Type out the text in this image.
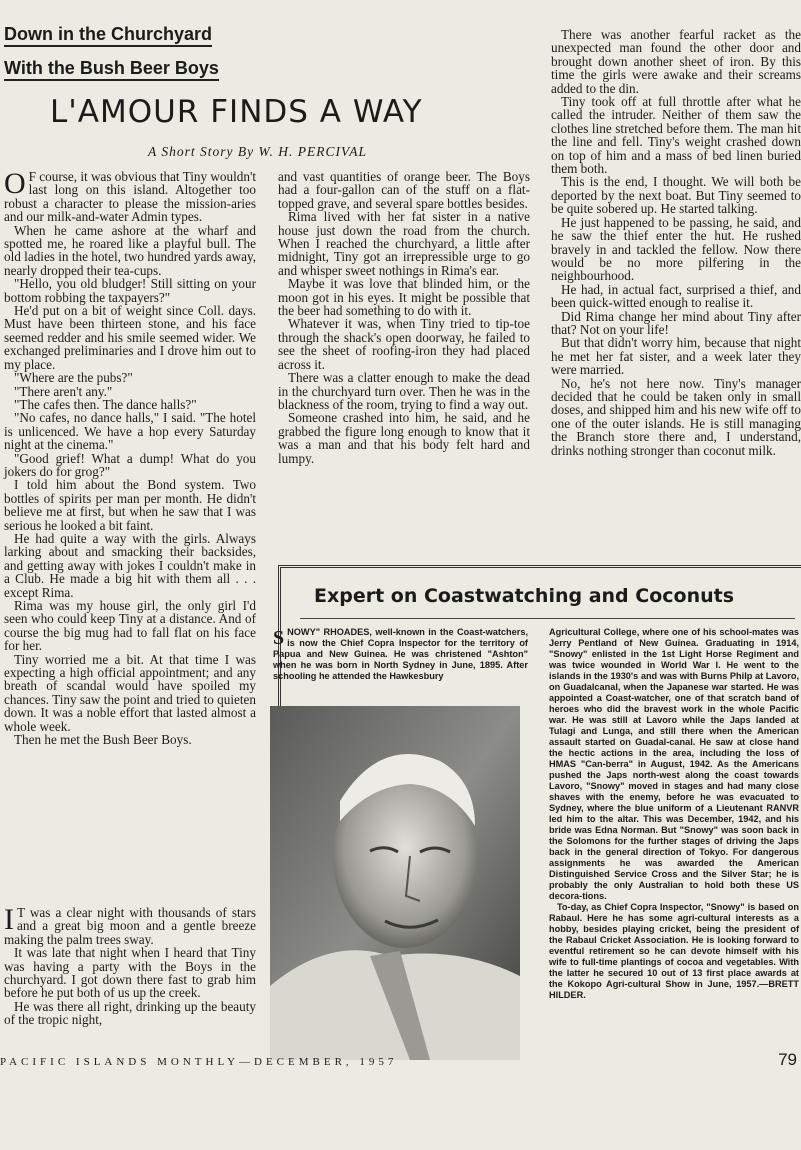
Down in the Churchyard
With the Bush Beer Boys
L'AMOUR FINDS A WAY
A Short Story By W. H. PERCIVAL
O F course, it was obvious that Tiny wouldn't last long on this island. Altogether too robust a character to please the mission-aries and our milk-and-water Admin types.

When he came ashore at the wharf and spotted me, he roared like a playful bull. The old ladies in the hotel, two hundred yards away, nearly dropped their tea-cups.

"Hello, you old bludger! Still sitting on your bottom robbing the taxpayers?"

He'd put on a bit of weight since Coll. days. Must have been thirteen stone, and his face seemed redder and his smile seemed wider. We exchanged preliminaries and I drove him out to my place.

"Where are the pubs?"

"There aren't any."

"The cafes then. The dance halls?"

"No cafes, no dance halls," I said. "The hotel is unlicenced. We have a hop every Saturday night at the cinema."

"Good grief! What a dump! What do you jokers do for grog?"

I told him about the Bond system. Two bottles of spirits per man per month. He didn't believe me at first, but when he saw that I was serious he looked a bit faint.

He had quite a way with the girls. Always larking about and smacking their backsides, and getting away with jokes I couldn't make in a Club. He made a big hit with them all . . . except Rima.

Rima was my house girl, the only girl I'd seen who could keep Tiny at a distance. And of course the big mug had to fall flat on his face for her.

Tiny worried me a bit. At that time I was expecting a high official appointment; and any breath of scandal would have spoiled my chances. Tiny saw the point and tried to quieten down. It was a noble effort that lasted almost a whole week.

Then he met the Bush Beer Boys.

I T was a clear night with thousands of stars and a great big moon and a gentle breeze making the palm trees sway.

It was late that night when I heard that Tiny was having a party with the Boys in the churchyard. I got down there fast to grab him before he put both of us up the creek.

He was there all right, drinking up the beauty of the tropic night,

and vast quantities of orange beer. The Boys had a four-gallon can of the stuff on a flat-topped grave, and several spare bottles besides.

Rima lived with her fat sister in a native house just down the road from the church. When I reached the churchyard, a little after midnight, Tiny got an irrepressible urge to go and whisper sweet nothings in Rima's ear.

Maybe it was love that blinded him, or the moon got in his eyes. It might be possible that the beer had something to do with it.

Whatever it was, when Tiny tried to tip-toe through the shack's open doorway, he failed to see the sheet of roofing-iron they had placed across it.

There was a clatter enough to make the dead in the churchyard turn over. Then he was in the blackness of the room, trying to find a way out.

Someone crashed into him, he said, and he grabbed the figure long enough to know that it was a man and that his body felt hard and lumpy.

There was another fearful racket as the unexpected man found the other door and brought down another sheet of iron. By this time the girls were awake and their screams added to the din.

Tiny took off at full throttle after what he called the intruder. Neither of them saw the clothes line stretched before them. The man hit the line and fell. Tiny's weight crashed down on top of him and a mass of bed linen buried them both.

This is the end, I thought. We will both be deported by the next boat. But Tiny seemed to be quite sobered up. He started talking.

He just happened to be passing, he said, and he saw the thief enter the hut. He rushed bravely in and tackled the fellow. Now there would be no more pilfering in the neighbourhood.

He had, in actual fact, surprised a thief, and been quick-witted enough to realise it.

Did Rima change her mind about Tiny after that? Not on your life!

But that didn't worry him, because that night he met her fat sister, and a week later they were married.

No, he's not here now. Tiny's manager decided that he could be taken only in small doses, and shipped him and his new wife off to one of the outer islands. He is still managing the Branch store there and, I understand, drinks nothing stronger than coconut milk.

Expert on Coastwatching and Coconuts
S NOWY" RHOADES, well-known in the Coast-watchers, is now the Chief Copra Inspector for the territory of Papua and New Guinea. He was christened "Ashton" when he was born in North Sydney in June, 1895. After schooling he attended the Hawkesbury

Agricultural College, where one of his school-mates was Jerry Pentland of New Guinea. Graduating in 1914, "Snowy" enlisted in the 1st Light Horse Regiment and was twice wounded in World War I. He went to the islands in the 1930's and was with Burns Philp at Lavoro, on Guadalcanal, when the Japanese war started. He was appointed a Coast-watcher, one of that scratch band of heroes who did the bravest work in the whole Pacific war. He was still at Lavoro while the Japs landed at Tulagi and Lunga, and still there when the American assault started on Guadal-canal. He saw at close hand the hectic actions in the area, including the loss of HMAS "Can-berra" in August, 1942. As the Americans pushed the Japs north-west along the coast towards Lavoro, "Snowy" moved in stages and had many close shaves with the enemy, before he was evacuated to Sydney, where the blue uniform of a Lieutenant RANVR led him to the altar. This was December, 1942, and his bride was Edna Norman. But "Snowy" was soon back in the Solomons for the further stages of driving the Japs back in the general direction of Tokyo. For dangerous assignments he was awarded the American Distinguished Service Cross and the Silver Star; he is probably the only Australian to hold both these US decora-tions.

To-day, as Chief Copra Inspector, "Snowy" is based on Rabaul. Here he has some agri-cultural interests as a hobby, besides playing cricket, being the president of the Rabaul Cricket Association. He is looking forward to eventful retirement so he can devote himself with his wife to full-time plantings of cocoa and vegetables. With the latter he secured 10 out of 13 first place awards at the Kokopo Agri-cultural Show in June, 1957.—BRETT HILDER.

PACIFIC ISLANDS MONTHLY—DECEMBER, 1957	79
